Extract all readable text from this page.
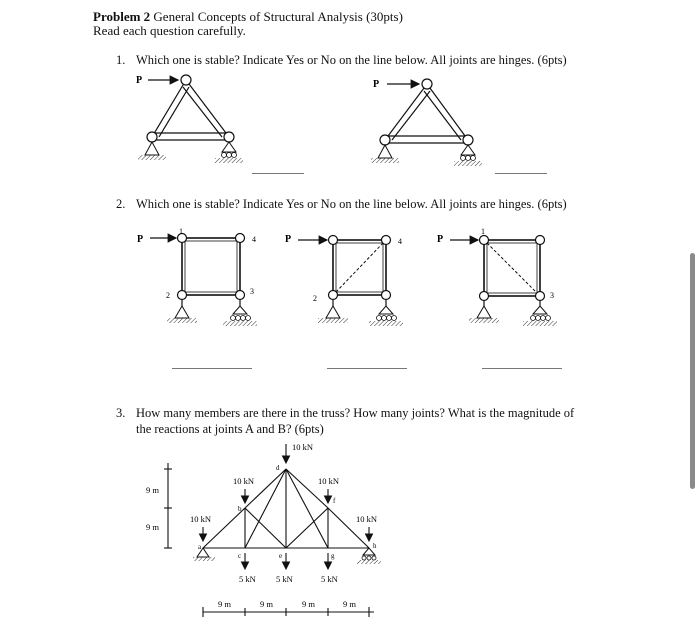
Problem 2 General Concepts of Structural Analysis (30pts)
Read each question carefully.
1. Which one is stable? Indicate Yes or No on the line below. All joints are hinges. (6pts)
2. Which one is stable? Indicate Yes or No on the line below. All joints are hinges. (6pts)
3. How many members are there in the truss? How many joints? What is the magnitude of
the reactions at joints A and B? (6pts)
P	P
P
1
2	3
4	P
2
4	P
1
3
10 kN
10 kN	10 kN
10 kN	10 kN
5 kN 5 kN	5 kN
a
b
c
d
e
f
g
h
9 m
9 m
9 m	9 m	9 m	9 m
